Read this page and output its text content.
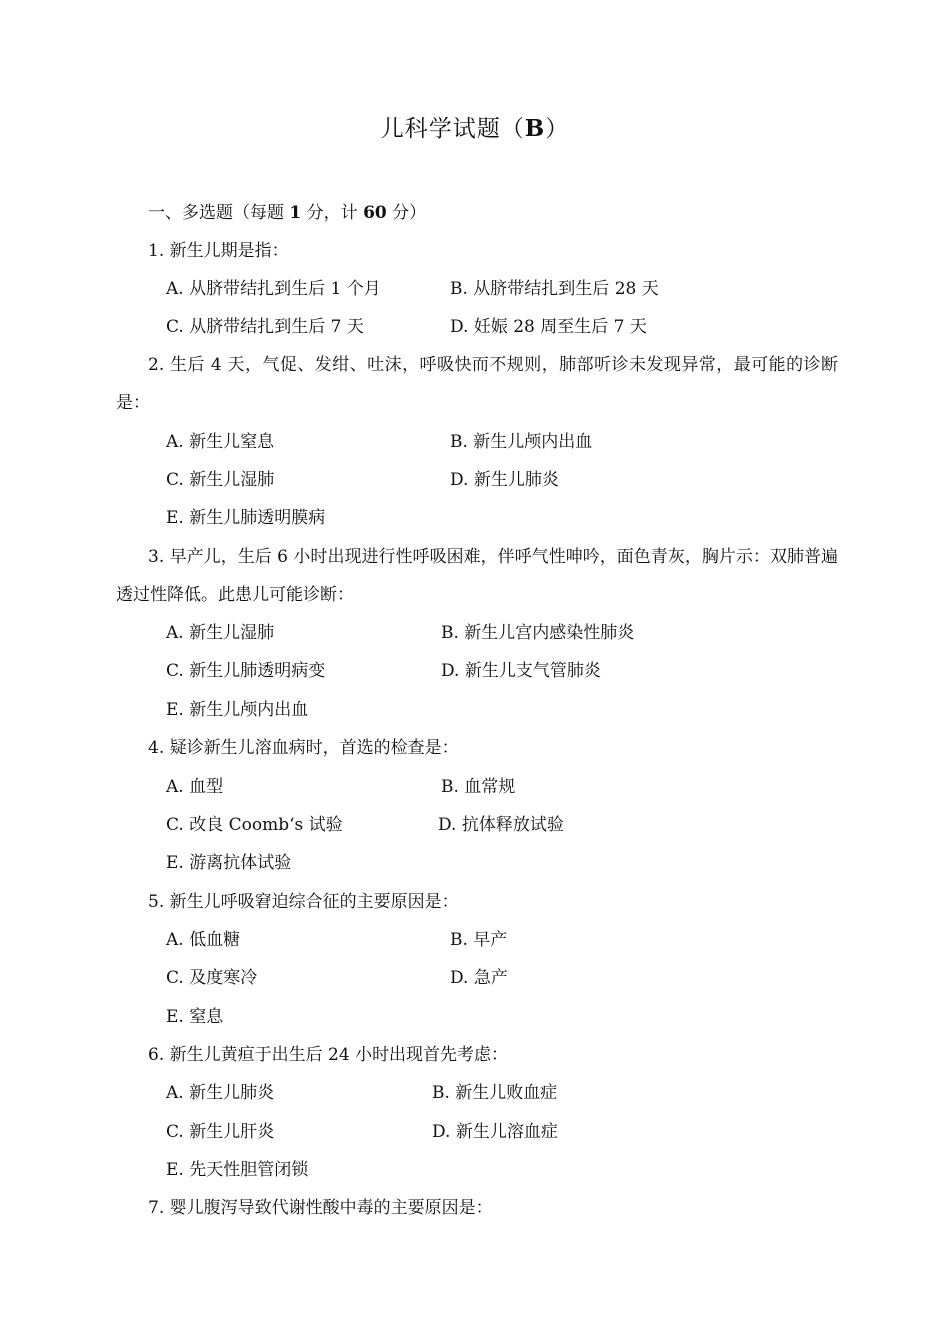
儿科学试题（B）
一、多选题（每题 1 分，计 60 分）
1. 新生儿期是指：
A. 从脐带结扎到生后 1 个月	B. 从脐带结扎到生后 28 天
C. 从脐带结扎到生后 7 天	D. 妊娠 28 周至生后 7 天
2. 生后 4 天，气促、发绀、吐沫，呼吸快而不规则，肺部听诊未发现异常，最可能的诊断是：
A. 新生儿窒息	B. 新生儿颅内出血
C. 新生儿湿肺	D. 新生儿肺炎
E. 新生儿肺透明膜病
3. 早产儿，生后 6 小时出现进行性呼吸困难，伴呼气性呻吟，面色青灰，胸片示：双肺普遍透过性降低。此患儿可能诊断：
A. 新生儿湿肺	B. 新生儿宫内感染性肺炎
C. 新生儿肺透明病变	D. 新生儿支气管肺炎
E. 新生儿颅内出血
4. 疑诊新生儿溶血病时，首选的检查是：
A. 血型	B. 血常规
C. 改良 Coomb‘s 试验	D. 抗体释放试验
E. 游离抗体试验
5. 新生儿呼吸窘迫综合征的主要原因是：
A. 低血糖	B. 早产
C. 及度寒冷	D. 急产
E. 窒息
6. 新生儿黄疸于出生后 24 小时出现首先考虑：
A. 新生儿肺炎	B. 新生儿败血症
C. 新生儿肝炎	D. 新生儿溶血症
E. 先天性胆管闭锁
7. 婴儿腹泻导致代谢性酸中毒的主要原因是：
